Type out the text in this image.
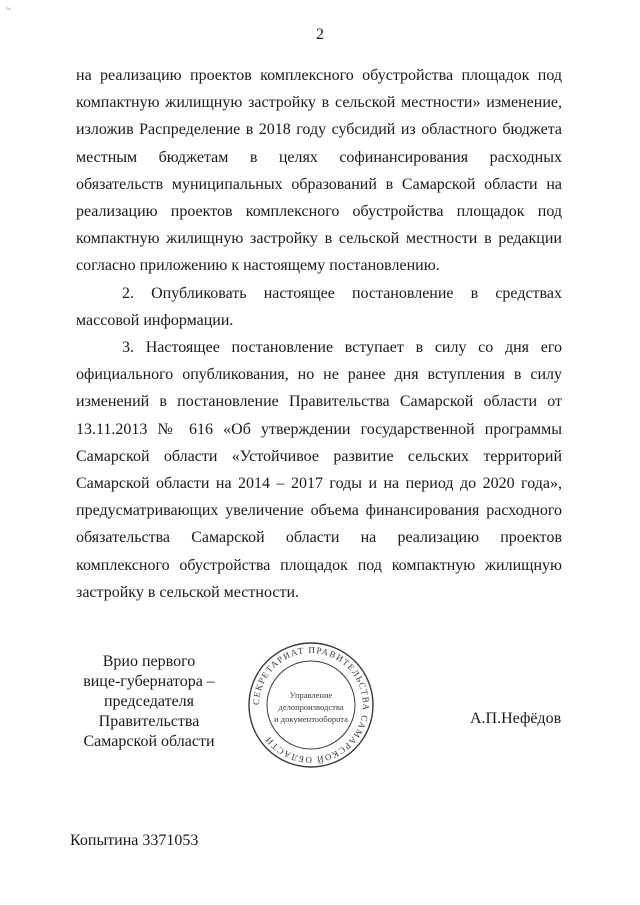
~
2

на реализацию проектов комплексного обустройства площадок под компактную жилищную застройку в сельской местности» изменение, изложив Распределение в 2018 году субсидий из областного бюджета местным бюджетам в целях софинансирования расходных обязательств муниципальных образований в Самарской области на реализацию проектов комплексного обустройства площадок под компактную жилищную застройку в сельской местности в редакции согласно приложению к настоящему постановлению.

2. Опубликовать настоящее постановление в средствах массовой информации.

3. Настоящее постановление вступает в силу со дня его официального опубликования, но не ранее дня вступления в силу изменений в постановление Правительства Самарской области от 13.11.2013 № 616 «Об утверждении государственной программы Самарской области «Устойчивое развитие сельских территорий Самарской области на 2014 – 2017 годы и на период до 2020 года», предусматривающих увеличение объема финансирования расходного обязательства Самарской области на реализацию проектов комплексного обустройства площадок под компактную жилищную застройку в сельской местности.

Врио первого
вице-губернатора –
председателя Правительства
Самарской области
СЕКРЕТАРИАТ ПРАВИТЕЛЬСТВА САМАРСКОЙ ОБЛАСТИ
Управление
делопроизводства
и документооборота	А.П.Нефёдов
Копытина 3371053
